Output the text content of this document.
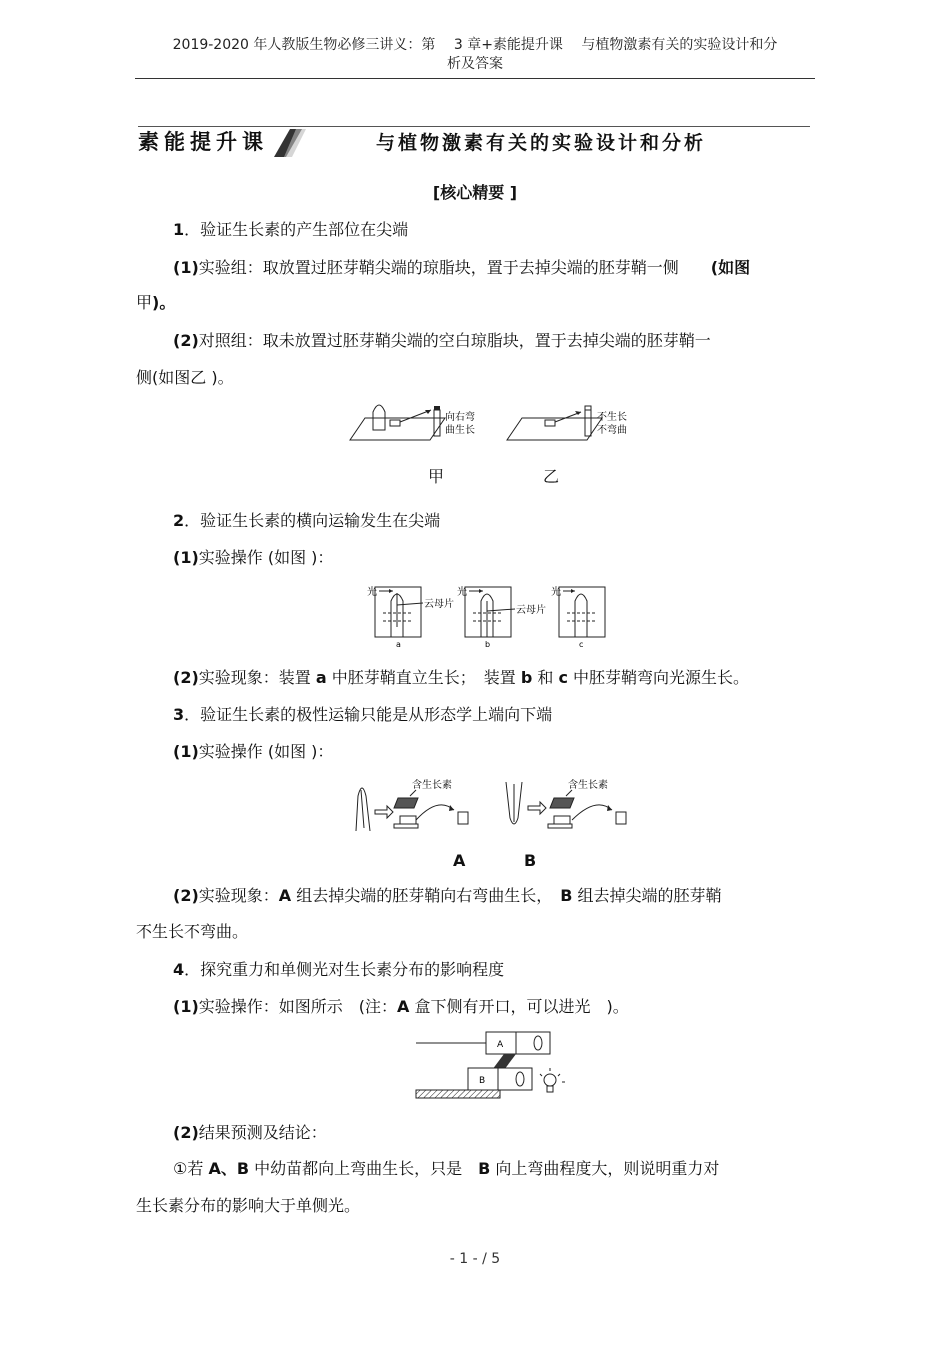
2019-2020 年人教版生物必修三讲义：第　 3 章+素能提升课　 与植物激素有关的实验设计和分
析及答案
素能提升课	与植物激素有关的实验设计和分析
[核心精要 ]
1．验证生长素的产生部位在尖端
(1)实验组：取放置过胚芽鞘尖端的琼脂块，置于去掉尖端的胚芽鞘一侧　　(如图
甲)。
(2)对照组：取未放置过胚芽鞘尖端的空白琼脂块，置于去掉尖端的胚芽鞘一
侧(如图乙 )。
向右弯
曲生长
不生长
不弯曲
甲	乙
2．验证生长素的横向运输发生在尖端
(1)实验操作 (如图 )：
光
云母片
a
光
云母片
b
光
c
(2)实验现象：装置 a 中胚芽鞘直立生长；　装置 b 和 c 中胚芽鞘弯向光源生长。
3．验证生长素的极性运输只能是从形态学上端向下端
(1)实验操作 (如图 )：
含生长素	含生长素
A	B
(2)实验现象：A 组去掉尖端的胚芽鞘向右弯曲生长，　B 组去掉尖端的胚芽鞘
不生长不弯曲。
4．探究重力和单侧光对生长素分布的影响程度
(1)实验操作：如图所示　(注：A 盒下侧有开口，可以进光　)。
A
B
(2)结果预测及结论：
①若 A、B 中幼苗都向上弯曲生长，只是　B 向上弯曲程度大，则说明重力对
生长素分布的影响大于单侧光。
- 1 - / 5
